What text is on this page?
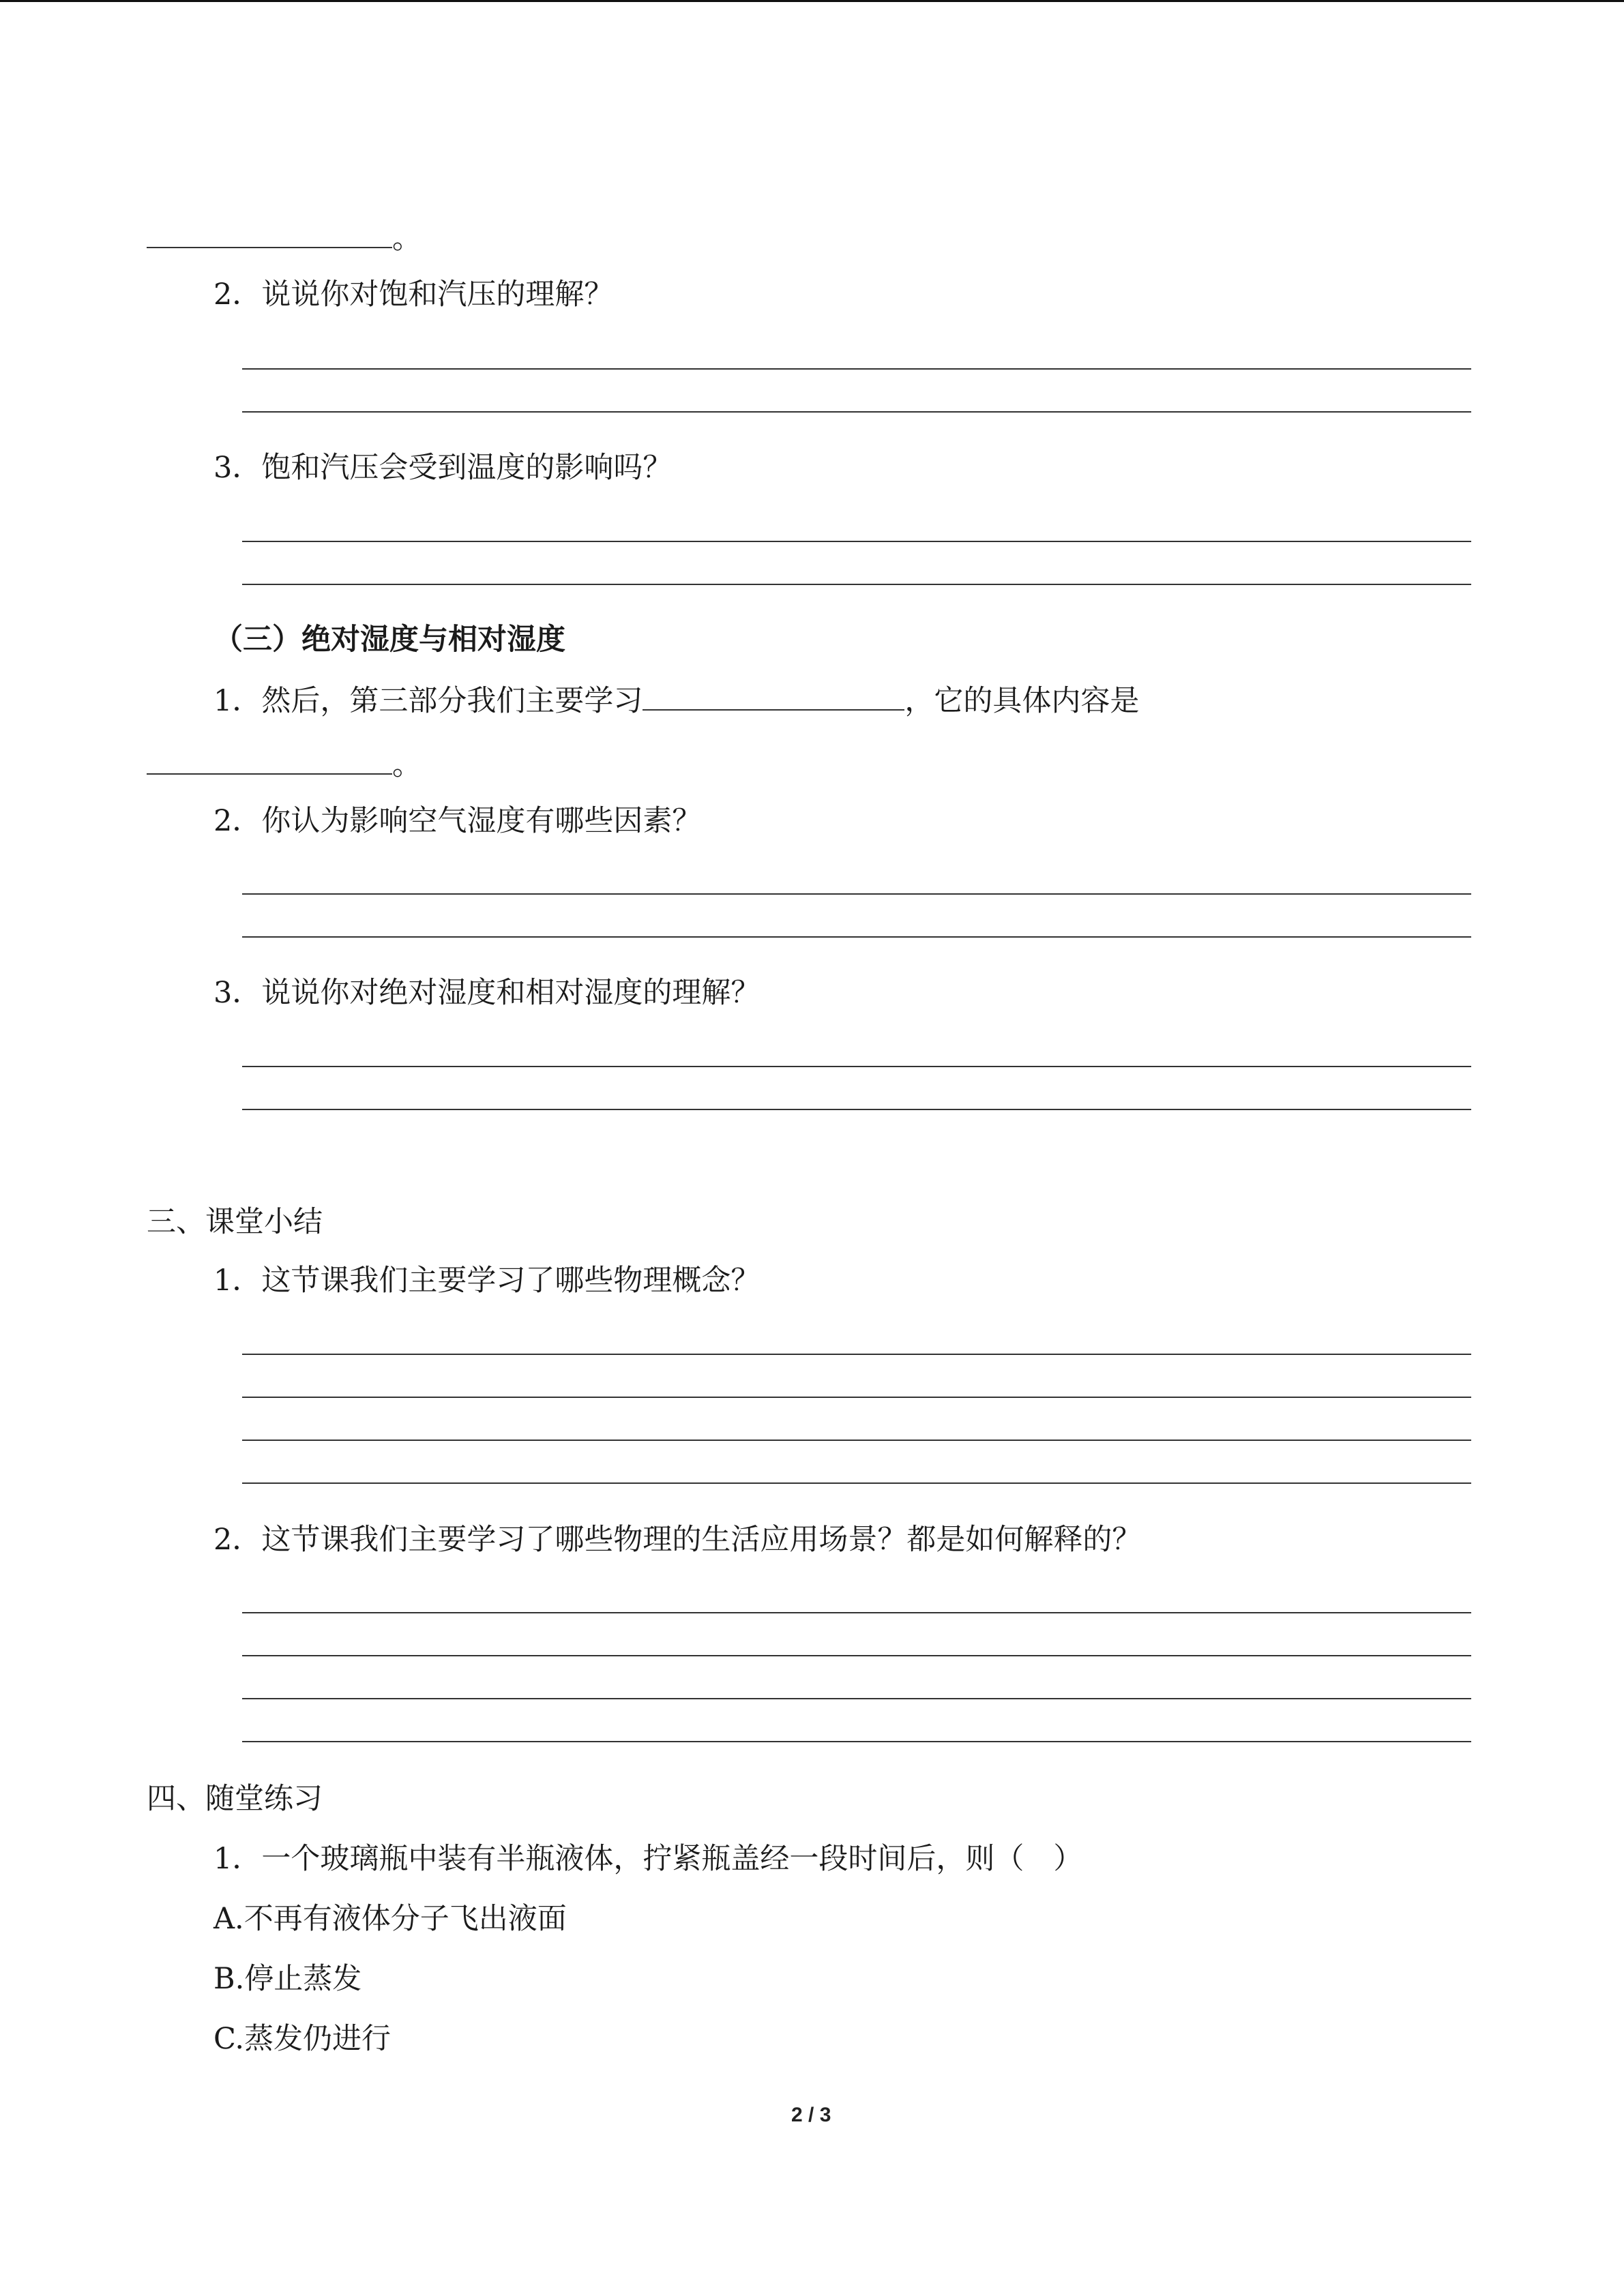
。
2．说说你对饱和汽压的理解？
3．饱和汽压会受到温度的影响吗？
（三）绝对湿度与相对湿度
1．然后，第三部分我们主要学习	，它的具体内容是
。
2．你认为影响空气湿度有哪些因素？
3．说说你对绝对湿度和相对湿度的理解？
三、课堂小结
1．这节课我们主要学习了哪些物理概念？
2．这节课我们主要学习了哪些物理的生活应用场景？都是如何解释的？
四、随堂练习
1．一个玻璃瓶中装有半瓶液体，拧紧瓶盖经一段时间后，则（　）
A.不再有液体分子飞出液面
B.停止蒸发
C.蒸发仍进行
2 / 3
